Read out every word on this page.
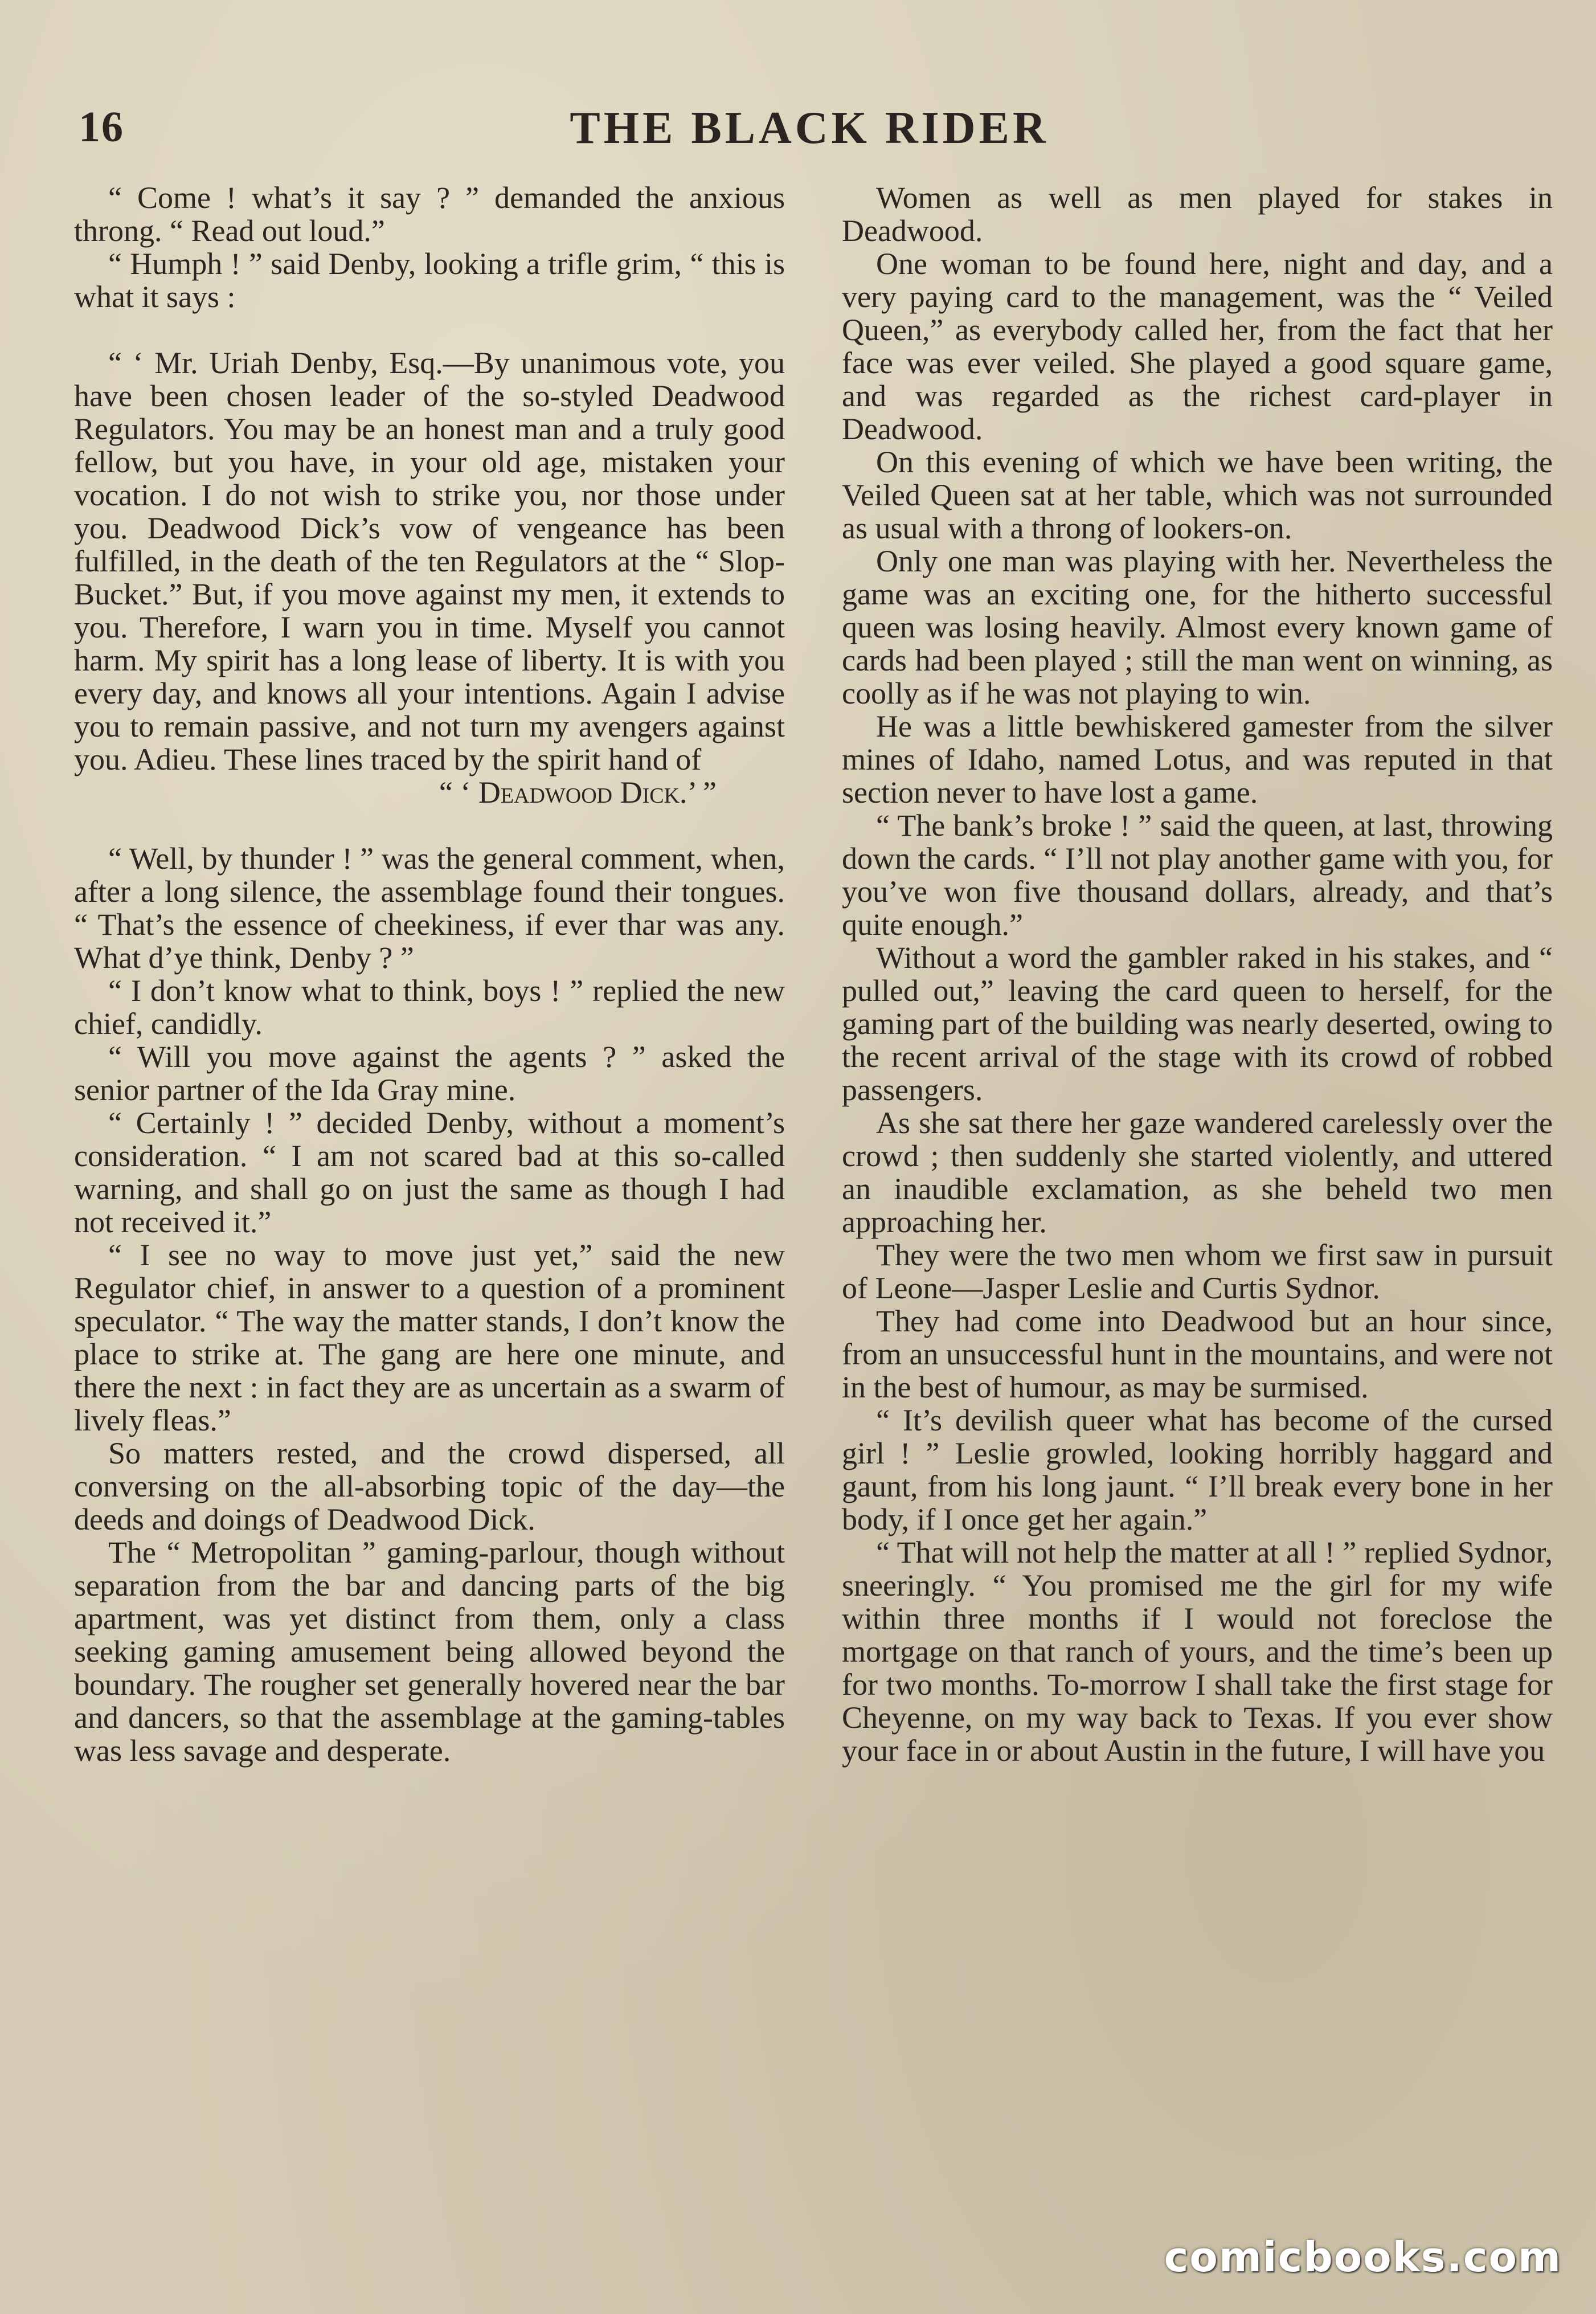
16	THE BLACK RIDER

“ Come ! what’s it say ? ” demanded the anxious throng. “ Read out loud.”

“ Humph ! ” said Denby, looking a trifle grim, “ this is what it says :

“ ‘ Mr. Uriah Denby, Esq.—By unanimous vote, you have been chosen leader of the so-styled Deadwood Regulators. You may be an honest man and a truly good fellow, but you have, in your old age, mistaken your vocation. I do not wish to strike you, nor those under you. Deadwood Dick’s vow of vengeance has been fulfilled, in the death of the ten Regulators at the “ Slop-Bucket.” But, if you move against my men, it extends to you. Therefore, I warn you in time. Myself you cannot harm. My spirit has a long lease of liberty. It is with you every day, and knows all your intentions. Again I advise you to remain passive, and not turn my avengers against you. Adieu. These lines traced by the spirit hand of

“ ‘ Deadwood Dick.’ ”

“ Well, by thunder ! ” was the general comment, when, after a long silence, the assemblage found their tongues. “ That’s the essence of cheekiness, if ever thar was any. What d’ye think, Denby ? ”

“ I don’t know what to think, boys ! ” replied the new chief, candidly.

“ Will you move against the agents ? ” asked the senior partner of the Ida Gray mine.

“ Certainly ! ” decided Denby, without a moment’s consideration. “ I am not scared bad at this so-called warning, and shall go on just the same as though I had not received it.”

“ I see no way to move just yet,” said the new Regulator chief, in answer to a question of a prominent speculator. “ The way the matter stands, I don’t know the place to strike at. The gang are here one minute, and there the next : in fact they are as uncertain as a swarm of lively fleas.”

So matters rested, and the crowd dispersed, all conversing on the all-absorbing topic of the day—the deeds and doings of Deadwood Dick.

The “ Metropolitan ” gaming-parlour, though without separation from the bar and dancing parts of the big apartment, was yet distinct from them, only a class seeking gaming amusement being allowed beyond the boundary. The rougher set generally hovered near the bar and dancers, so that the assemblage at the gaming-tables was less savage and desperate.

Women as well as men played for stakes in Deadwood.

One woman to be found here, night and day, and a very paying card to the management, was the “ Veiled Queen,” as everybody called her, from the fact that her face was ever veiled. She played a good square game, and was regarded as the richest card-player in Deadwood.

On this evening of which we have been writing, the Veiled Queen sat at her table, which was not surrounded as usual with a throng of lookers-on.

Only one man was playing with her. Nevertheless the game was an exciting one, for the hitherto successful queen was losing heavily. Almost every known game of cards had been played ; still the man went on winning, as coolly as if he was not playing to win.

He was a little bewhiskered gamester from the silver mines of Idaho, named Lotus, and was reputed in that section never to have lost a game.

“ The bank’s broke ! ” said the queen, at last, throwing down the cards. “ I’ll not play another game with you, for you’ve won five thousand dollars, already, and that’s quite enough.”

Without a word the gambler raked in his stakes, and “ pulled out,” leaving the card queen to herself, for the gaming part of the building was nearly deserted, owing to the recent arrival of the stage with its crowd of robbed passengers.

As she sat there her gaze wandered carelessly over the crowd ; then suddenly she started violently, and uttered an inaudible exclamation, as she beheld two men approaching her.

They were the two men whom we first saw in pursuit of Leone—Jasper Leslie and Curtis Sydnor.

They had come into Deadwood but an hour since, from an unsuccessful hunt in the mountains, and were not in the best of humour, as may be surmised.

“ It’s devilish queer what has become of the cursed girl ! ” Leslie growled, looking horribly haggard and gaunt, from his long jaunt. “ I’ll break every bone in her body, if I once get her again.”

“ That will not help the matter at all ! ” replied Sydnor, sneeringly. “ You promised me the girl for my wife within three months if I would not foreclose the mortgage on that ranch of yours, and the time’s been up for two months. To-morrow I shall take the first stage for Cheyenne, on my way back to Texas. If you ever show your face in or about Austin in the future, I will have you

comicbooks.com
